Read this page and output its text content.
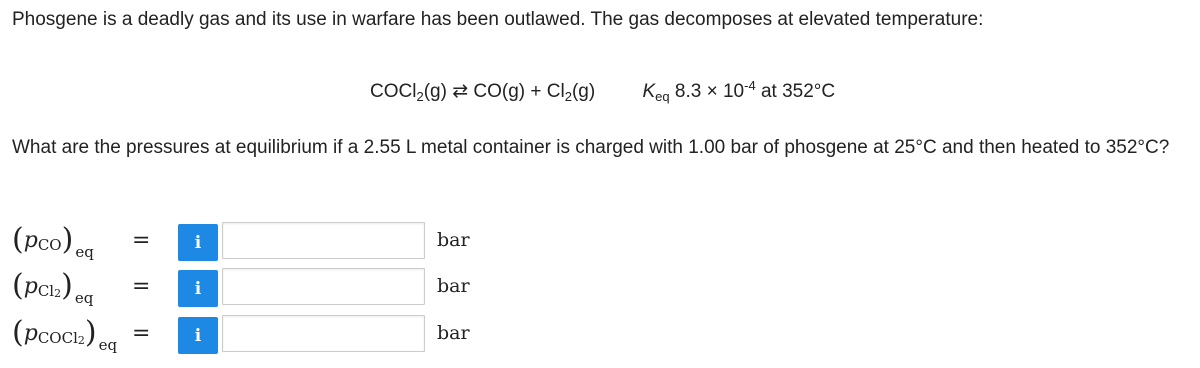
Phosgene is a deadly gas and its use in warfare has been outlawed. The gas decomposes at elevated temperature:

COCl$_2$(g) ⇄ $CO(g) + Cl_2(g)$ $K_{eq}$ $8.3 \times 10^{-4}$ at 352°C

What are the pressures at equilibrium if a 2.55 L metal container is charged with 1.00 bar of phosgene at 25°C and then heated to 352°C?

$(p_{CO}) _{eq}$ =	i	bar
$(p_{Cl}2) _{eq}$ =	i	bar
$(p_{COCl}2) _{eq}$ =	i	bar
